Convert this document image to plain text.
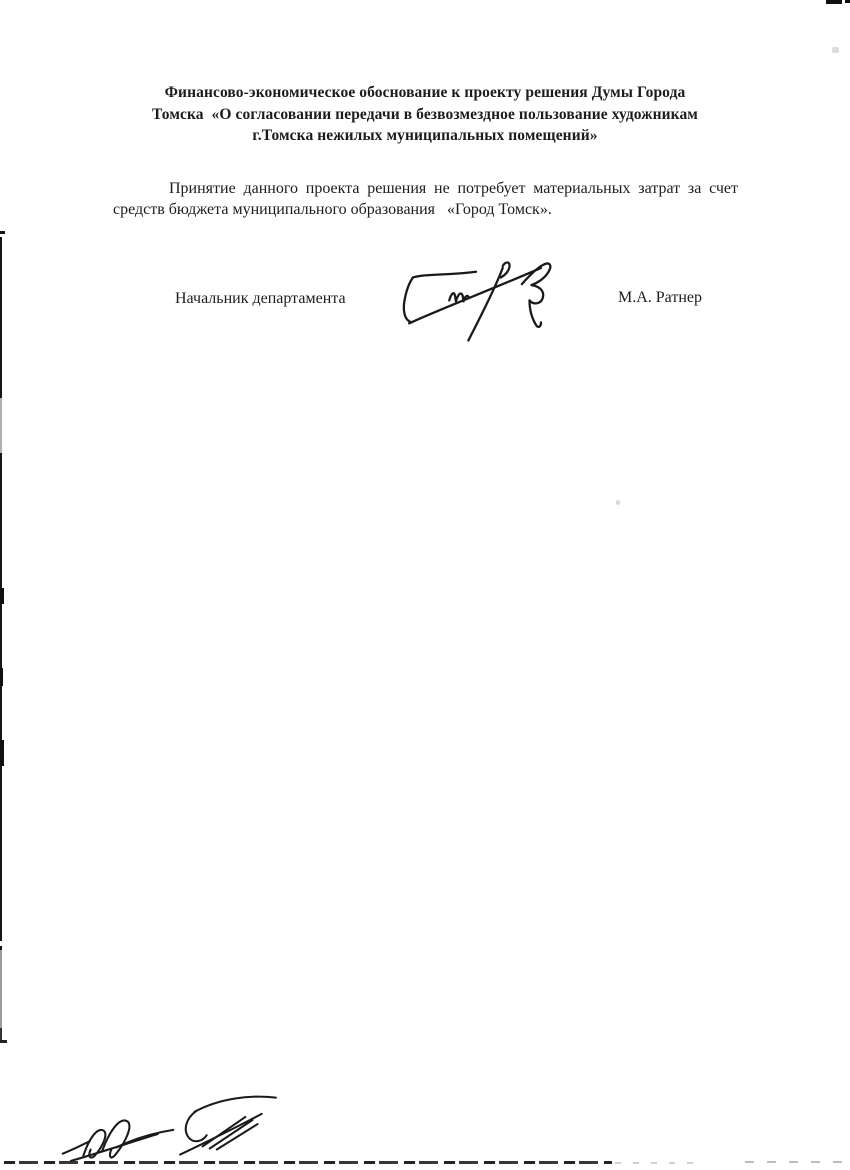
Финансово-экономическое обоснование к проекту решения Думы Города
Томска  «О согласовании передачи в безвозмездное пользование художникам
г.Томска нежилых муниципальных помещений»
Принятие данного проекта решения не потребует материальных затрат за счет
средств бюджета муниципального образования   «Город Томск».
Начальник департамента	М.А. Ратнер
